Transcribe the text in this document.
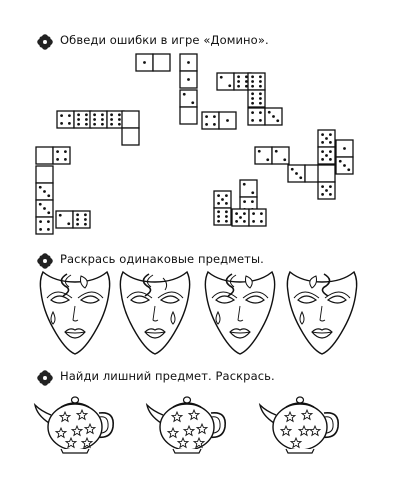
Обведи ошибки в игре «Домино».
Раскрась одинаковые предметы.
Найди лишний предмет. Раскрась.
